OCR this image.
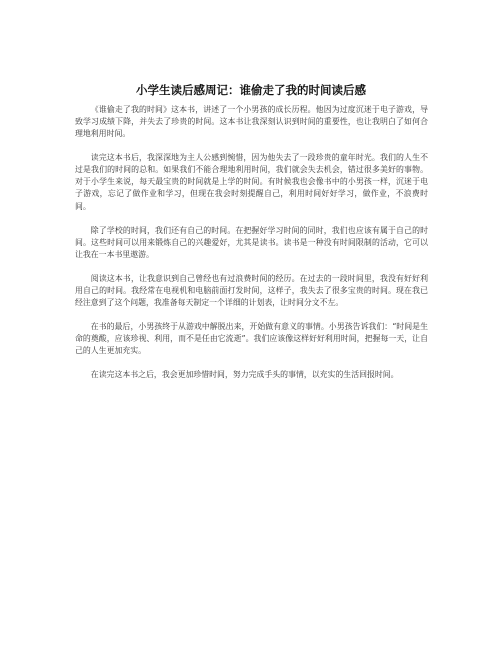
小学生读后感周记：谁偷走了我的时间读后感

《谁偷走了我的时间》这本书，讲述了一个小男孩的成长历程。他因为过度沉迷于电子游戏，导致学习成绩下降，并失去了珍贵的时间。这本书让我深刻认识到时间的重要性，也让我明白了如何合理地利用时间。

读完这本书后，我深深地为主人公感到惋惜，因为他失去了一段珍贵的童年时光。我们的人生不过是我们的时间的总和。如果我们不能合理地利用时间，我们就会失去机会，错过很多美好的事物。对于小学生来说，每天最宝贵的时间就是上学的时间。有时候我也会像书中的小男孩一样，沉迷于电子游戏，忘记了做作业和学习，但现在我会时刻提醒自己，利用时间好好学习，做作业，不浪费时间。

除了学校的时间，我们还有自己的时间。在把握好学习时间的同时，我们也应该有属于自己的时间。这些时间可以用来锻炼自己的兴趣爱好，尤其是读书。读书是一种没有时间限制的活动，它可以让我在一本书里遨游。

阅读这本书，让我意识到自己曾经也有过浪费时间的经历。在过去的一段时间里，我没有好好利用自己的时间。我经常在电视机和电脑前面打发时间，这样子，我失去了很多宝贵的时间。现在我已经注意到了这个问题，我准备每天制定一个详细的计划表，让时间分文不左。

在书的最后，小男孩终于从游戏中解脱出来，开始做有意义的事情。小男孩告诉我们：“时间是生命的奠酸，应该珍视、利用，而不是任由它流逝”。我们应该像这样好好利用时间，把握每一天，让自己的人生更加充实。

在读完这本书之后，我会更加珍惜时间，努力完成手头的事情，以充实的生活回报时间。
